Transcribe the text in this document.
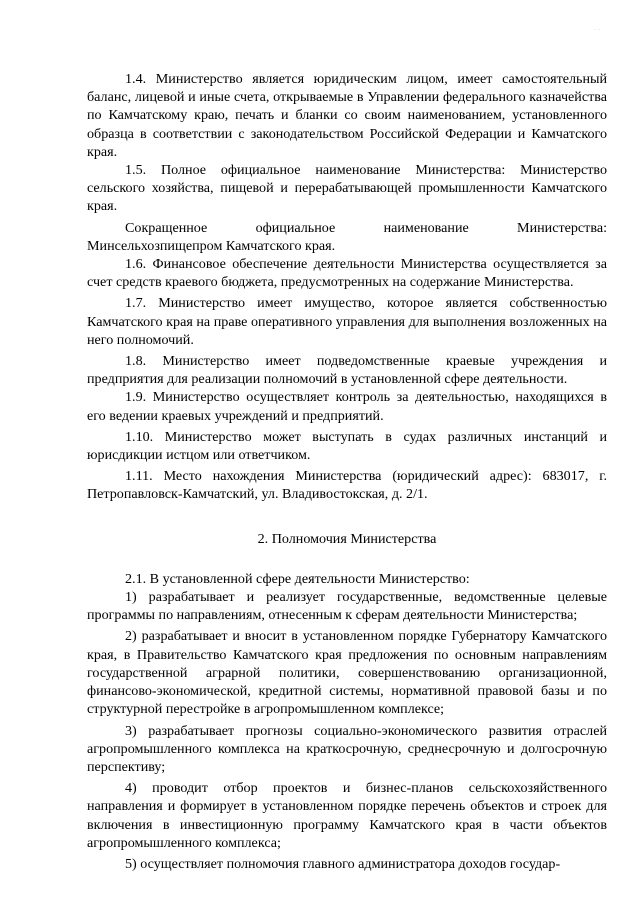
· ·

1.4. Министерство является юридическим лицом, имеет самостоятельный баланс, лицевой и иные счета, открываемые в Управлении федерального казначейства по Камчатскому краю, печать и бланки со своим наименованием, установленного образца в соответствии с законодательством Российской Федерации и Камчатского края.

1.5. Полное официальное наименование Министерства: Министерство сельского хозяйства, пищевой и перерабатывающей промышленности Камчатского края.

Сокращенное официальное наименование Министерства: Минсельхозпищепром Камчатского края.

1.6. Финансовое обеспечение деятельности Министерства осуществляется за счет средств краевого бюджета, предусмотренных на содержание Министерства.

1.7. Министерство имеет имущество, которое является собственностью Камчатского края на праве оперативного управления для выполнения возложенных на него полномочий.

1.8. Министерство имеет подведомственные краевые учреждения и предприятия для реализации полномочий в установленной сфере деятельности.

1.9. Министерство осуществляет контроль за деятельностью, находящихся в его ведении краевых учреждений и предприятий.

1.10. Министерство может выступать в судах различных инстанций и юрисдикции истцом или ответчиком.

1.11. Место нахождения Министерства (юридический адрес): 683017, г. Петропавловск-Камчатский, ул. Владивостокская, д. 2/1.

2. Полномочия Министерства

2.1. В установленной сфере деятельности Министерство:

1) разрабатывает и реализует государственные, ведомственные целевые программы по направлениям, отнесенным к сферам деятельности Министерства;

2) разрабатывает и вносит в установленном порядке Губернатору Камчатского края, в Правительство Камчатского края предложения по основным направлениям государственной аграрной политики, совершенствованию организационной, финансово-экономической, кредитной системы, нормативной правовой базы и по структурной перестройке в агропромышленном комплексе;

3) разрабатывает прогнозы социально-экономического развития отраслей агропромышленного комплекса на краткосрочную, среднесрочную и долгосрочную перспективу;

4) проводит отбор проектов и бизнес-планов сельскохозяйственного направления и формирует в установленном порядке перечень объектов и строек для включения в инвестиционную программу Камчатского края в части объектов агропромышленного комплекса;

5) осуществляет полномочия главного администратора доходов государ-
